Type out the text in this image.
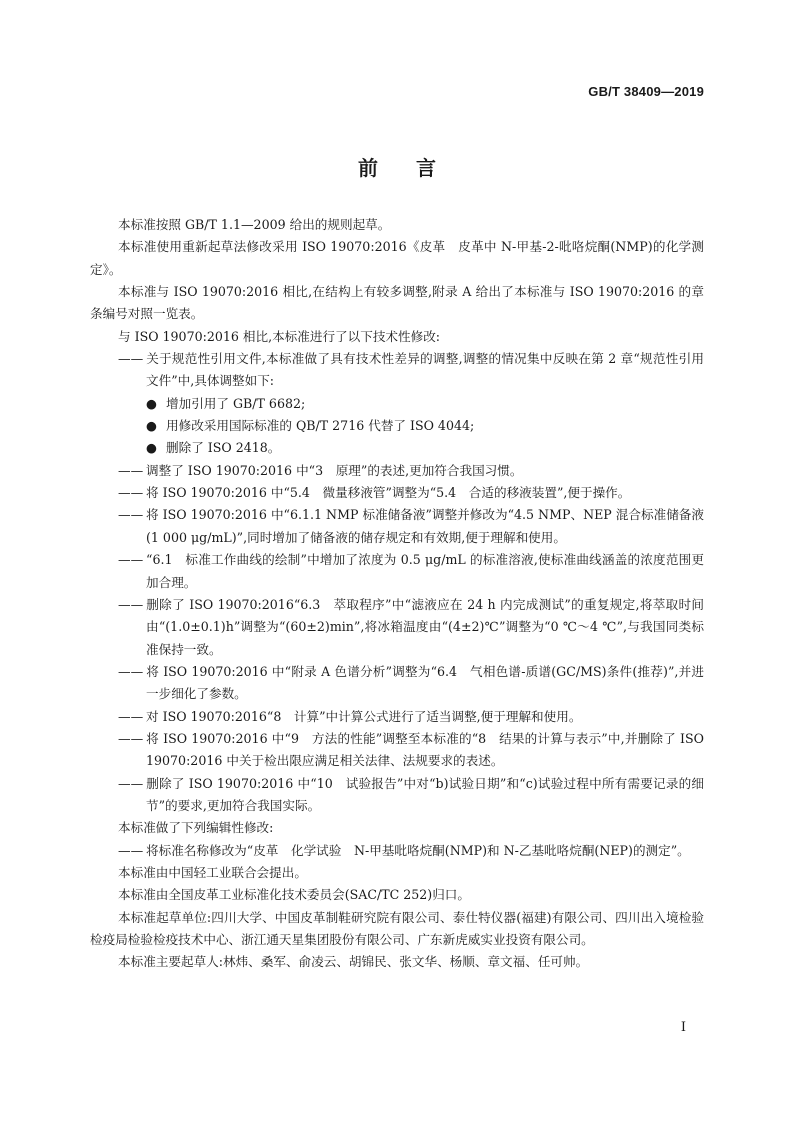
GB/T 38409—2019
前言

本标准按照 GB/T 1.1—2009 给出的规则起草。

本标准使用重新起草法修改采用 ISO 19070:2016《皮革　皮革中 N-甲基-2-吡咯烷酮(NMP)的化学测定》。

本标准与 ISO 19070:2016 相比,在结构上有较多调整,附录 A 给出了本标准与 ISO 19070:2016 的章条编号对照一览表。

与 ISO 19070:2016 相比,本标准进行了以下技术性修改:

—— 关于规范性引用文件,本标准做了具有技术性差异的调整,调整的情况集中反映在第 2 章“规范性引用文件”中,具体调整如下:
● 增加引用了 GB/T 6682;
● 用修改采用国际标准的 QB/T 2716 代替了 ISO 4044;
● 删除了 ISO 2418。
—— 调整了 ISO 19070:2016 中“3　原理”的表述,更加符合我国习惯。
—— 将 ISO 19070:2016 中“5.4　微量移液管”调整为“5.4　合适的移液装置”,便于操作。
—— 将 ISO 19070:2016 中“6.1.1 NMP 标准储备液”调整并修改为“4.5 NMP、NEP 混合标准储备液(1 000 μg/mL)”,同时增加了储备液的储存规定和有效期,便于理解和使用。
—— “6.1　标准工作曲线的绘制”中增加了浓度为 0.5 μg/mL 的标准溶液,使标准曲线涵盖的浓度范围更加合理。
—— 删除了 ISO 19070:2016“6.3　萃取程序”中“滤液应在 24 h 内完成测试”的重复规定,将萃取时间由“(1.0±0.1)h”调整为“(60±2)min”,将冰箱温度由“(4±2)℃”调整为“0 ℃～4 ℃”,与我国同类标准保持一致。
—— 将 ISO 19070:2016 中“附录 A 色谱分析”调整为“6.4　气相色谱-质谱(GC/MS)条件(推荐)”,并进一步细化了参数。
—— 对 ISO 19070:2016“8　计算”中计算公式进行了适当调整,便于理解和使用。
—— 将 ISO 19070:2016 中“9　方法的性能”调整至本标准的“8　结果的计算与表示”中,并删除了 ISO 19070:2016 中关于检出限应满足相关法律、法规要求的表述。
—— 删除了 ISO 19070:2016 中“10　试验报告”中对“b)试验日期”和“c)试验过程中所有需要记录的细节”的要求,更加符合我国实际。

本标准做了下列编辑性修改:

—— 将标准名称修改为“皮革　化学试验　N-甲基吡咯烷酮(NMP)和 N-乙基吡咯烷酮(NEP)的测定”。

本标准由中国轻工业联合会提出。

本标准由全国皮革工业标准化技术委员会(SAC/TC 252)归口。

本标准起草单位:四川大学、中国皮革制鞋研究院有限公司、泰仕特仪器(福建)有限公司、四川出入境检验检疫局检验检疫技术中心、浙江通天星集团股份有限公司、广东新虎威实业投资有限公司。

本标准主要起草人:林炜、桑军、俞凌云、胡锦民、张文华、杨顺、章文福、任可帅。

I
